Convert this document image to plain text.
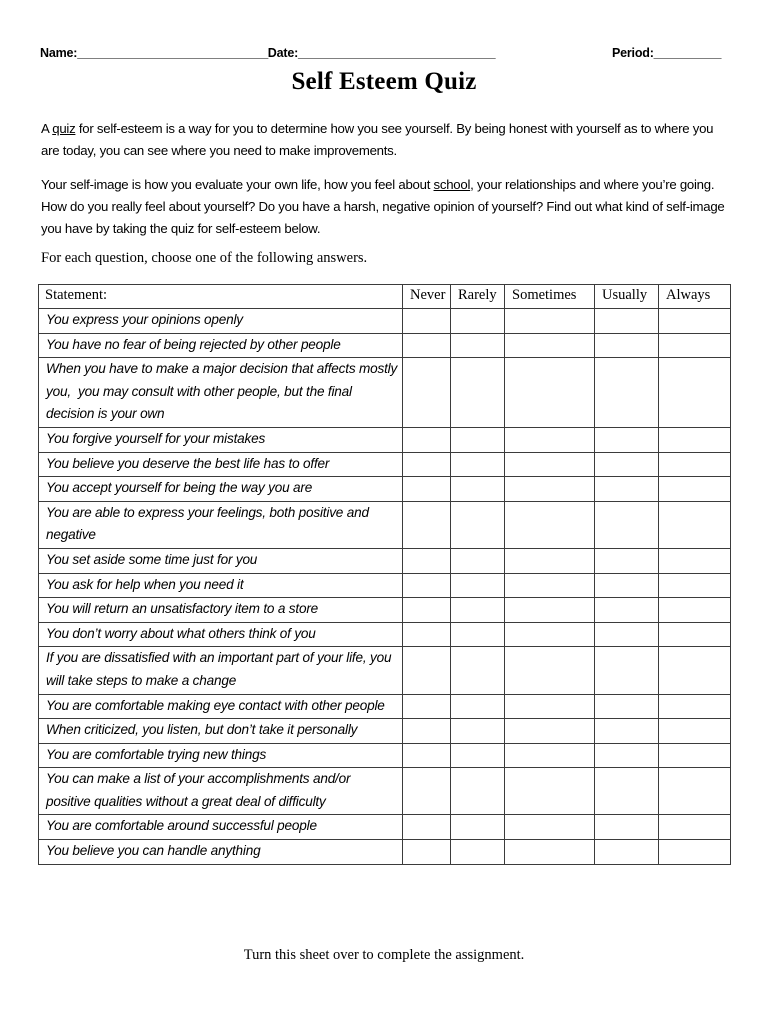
Name:______________________________Date:_______________________________	Period:__________
Self Esteem Quiz
A quiz for self-esteem is a way for you to determine how you see yourself. By being honest with yourself as to where you are today, you can see where you need to make improvements.
Your self-image is how you evaluate your own life, how you feel about school, your relationships and where you’re going. How do you really feel about yourself? Do you have a harsh, negative opinion of yourself? Find out what kind of self-image you have by taking the quiz for self-esteem below.
For each question, choose one of the following answers.
Statement:	Never	Rarely	Sometimes	Usually	Always
You express your opinions openly					
You have no fear of being rejected by other people					
When you have to make a major decision that affects mostly you,  you may consult with other people, but the final decision is your own					
You forgive yourself for your mistakes					
You believe you deserve the best life has to offer					
You accept yourself for being the way you are					
You are able to express your feelings, both positive and negative					
You set aside some time just for you					
You ask for help when you need it					
You will return an unsatisfactory item to a store					
You don’t worry about what others think of you					
If you are dissatisfied with an important part of your life, you  will take steps to make a change					
You are comfortable making eye contact with other people					
When criticized, you listen, but don’t take it personally					
You are comfortable trying new things					
You can make a list of your accomplishments and/or  positive qualities without a great deal of difficulty					
You are comfortable around successful people					
You believe you can handle anything					
Turn this sheet over to complete the assignment.
